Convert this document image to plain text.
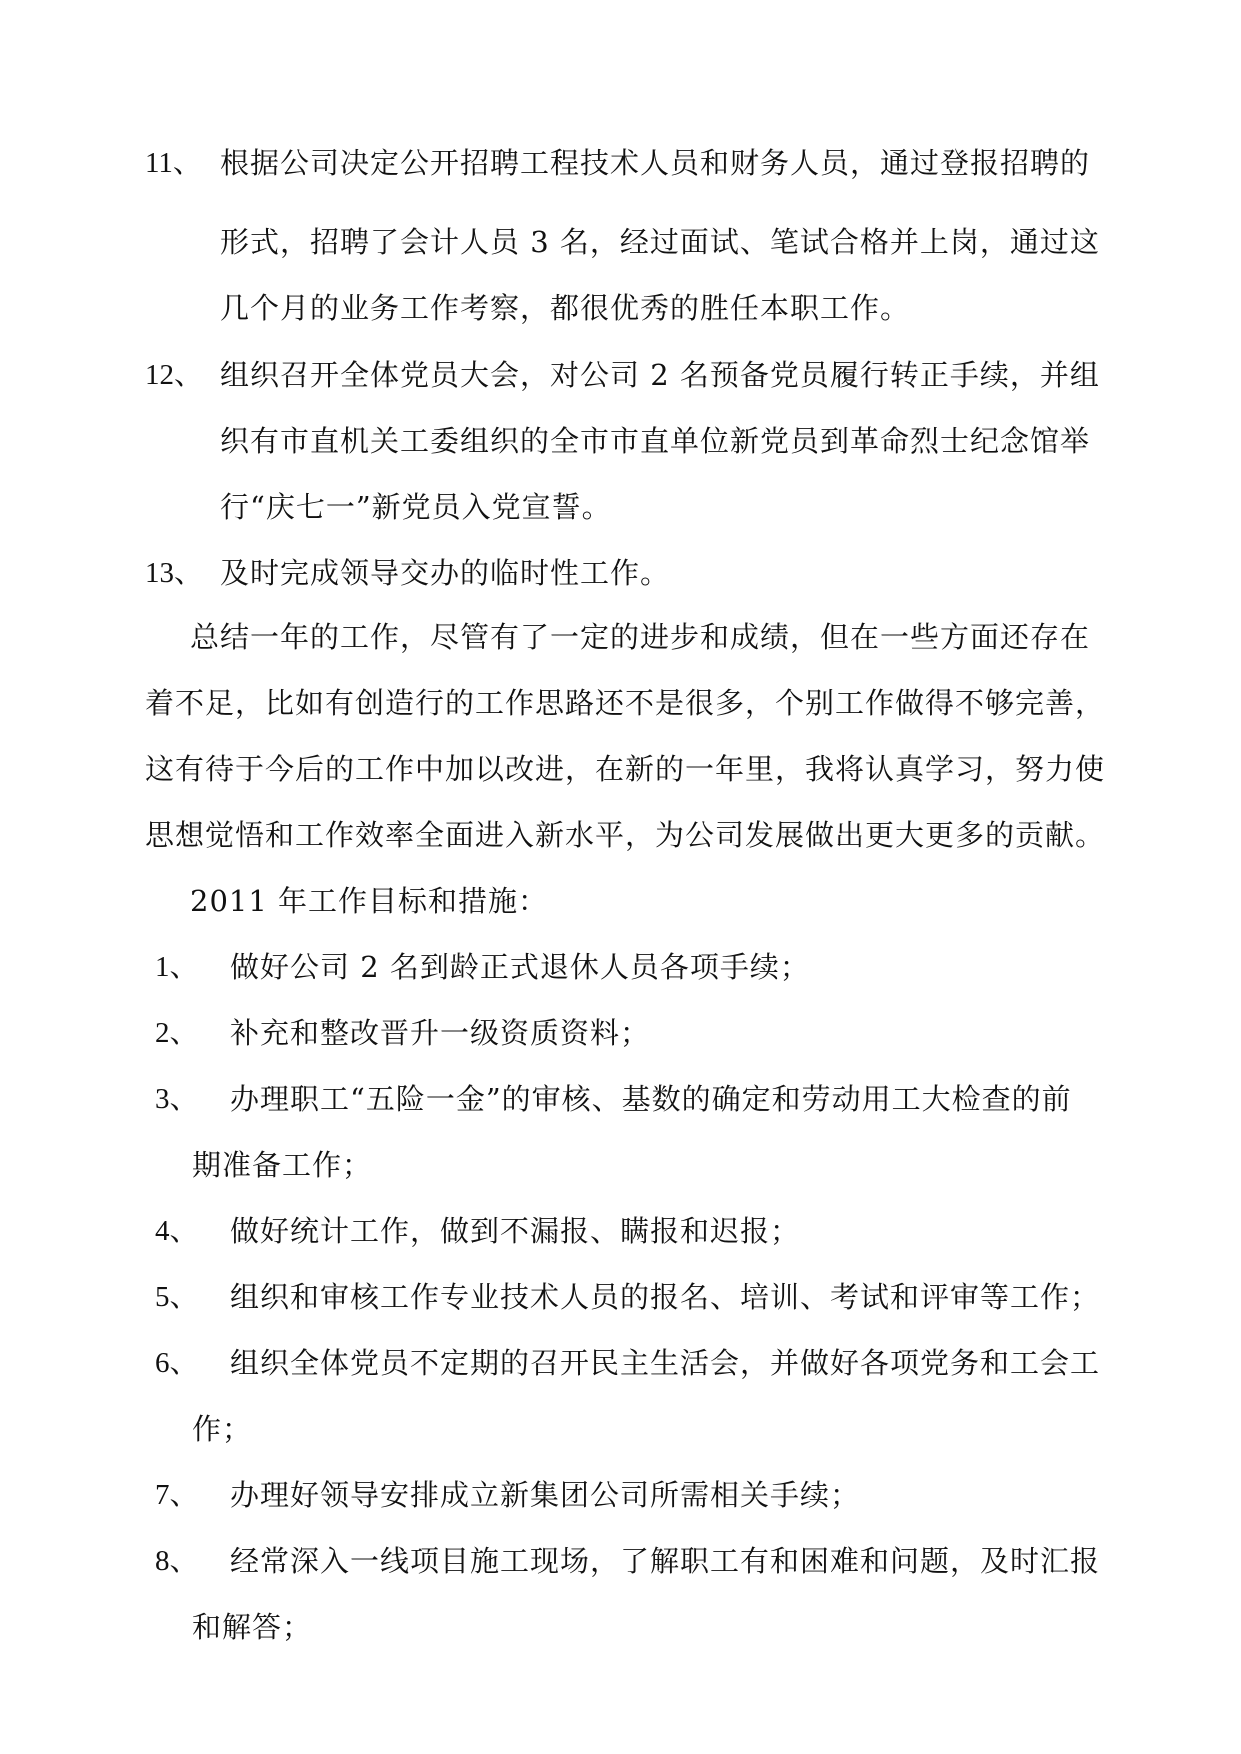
11、 根据公司决定公开招聘工程技术人员和财务人员，通过登报招聘的
形式，招聘了会计人员 3 名，经过面试、笔试合格并上岗，通过这
几个月的业务工作考察，都很优秀的胜任本职工作。
12、 组织召开全体党员大会，对公司 2 名预备党员履行转正手续，并组
织有市直机关工委组织的全市市直单位新党员到革命烈士纪念馆举
行“庆七一”新党员入党宣誓。
13、 及时完成领导交办的临时性工作。
总结一年的工作，尽管有了一定的进步和成绩，但在一些方面还存在
着不足，比如有创造行的工作思路还不是很多，个别工作做得不够完善，
这有待于今后的工作中加以改进，在新的一年里，我将认真学习，努力使
思想觉悟和工作效率全面进入新水平，为公司发展做出更大更多的贡献。
2011 年工作目标和措施：
1、 做好公司 2 名到龄正式退休人员各项手续；
2、 补充和整改晋升一级资质资料；
3、 办理职工“五险一金”的审核、基数的确定和劳动用工大检查的前
期准备工作；
4、 做好统计工作，做到不漏报、瞒报和迟报；
5、 组织和审核工作专业技术人员的报名、培训、考试和评审等工作；
6、 组织全体党员不定期的召开民主生活会，并做好各项党务和工会工
作；
7、 办理好领导安排成立新集团公司所需相关手续；
8、 经常深入一线项目施工现场，了解职工有和困难和问题，及时汇报
和解答；
